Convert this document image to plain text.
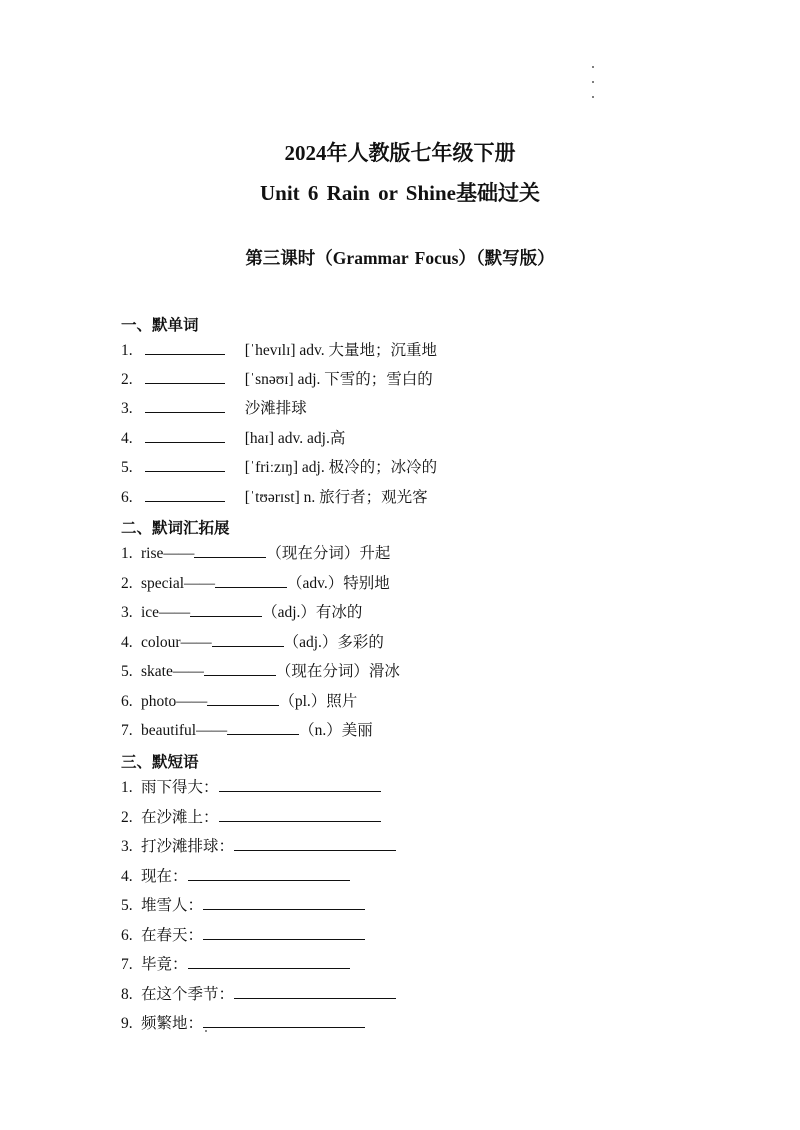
2024年人教版七年级下册
Unit 6 Rain or Shine基础过关
第三课时（Grammar Focus）（默写版）
一、默单词
1.	[ˈhevɪlɪ] adv. 大量地；沉重地
2.	[ˈsnəʊɪ] adj. 下雪的；雪白的
3.	沙滩排球
4.	[haɪ] adv. adj.高
5.	[ˈfriːzɪŋ] adj. 极冷的；冰冷的
6.	[ˈtʊərɪst] n. 旅行者；观光客
二、默词汇拓展
1. rise——	（现在分词）升起
2. special——	（adv.）特别地
3. ice——	（adj.）有冰的
4. colour——	（adj.）多彩的
5. skate——	（现在分词）滑冰
6. photo——	（pl.）照片
7. beautiful——	（n.）美丽
三、默短语
1. 雨下得大：
2. 在沙滩上：
3. 打沙滩排球：
4. 现在：
5. 堆雪人：
6. 在春天：
7. 毕竟：
8. 在这个季节：
9. 频繁地：
